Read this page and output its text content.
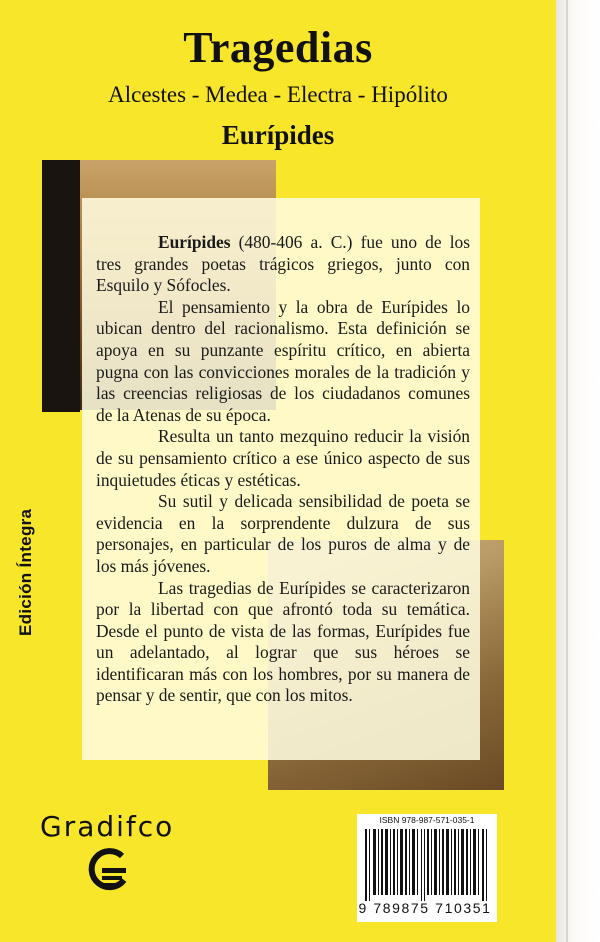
Tragedias
Alcestes - Medea - Electra - Hipólito
Eurípides

Eurípides (480-406 a. C.) fue uno de los tres grandes poetas trágicos griegos, junto con Esquilo y Sófocles.

El pensamiento y la obra de Eurípides lo ubican dentro del racionalismo. Esta definición se apoya en su punzante espíritu crítico, en abierta pugna con las convicciones morales de la tradición y las creencias religiosas de los ciudadanos comunes de la Atenas de su época.

Resulta un tanto mezquino reducir la visión de su pensamiento crítico a ese único aspecto de sus inquietudes éticas y estéticas.

Su sutil y delicada sensibilidad de poeta se evidencia en la sorprendente dulzura de sus personajes, en particular de los puros de alma y de los más jóvenes.

Las tragedias de Eurípides se caracterizaron por la libertad con que afrontó toda su temática. Desde el punto de vista de las formas, Eurípides fue un adelantado, al lograr que sus héroes se identificaran más con los hombres, por su manera de pensar y de sentir, que con los mitos.

Edición Íntegra
Gradifco	ISBN 978-987-571-035-1
9 789875 710351
